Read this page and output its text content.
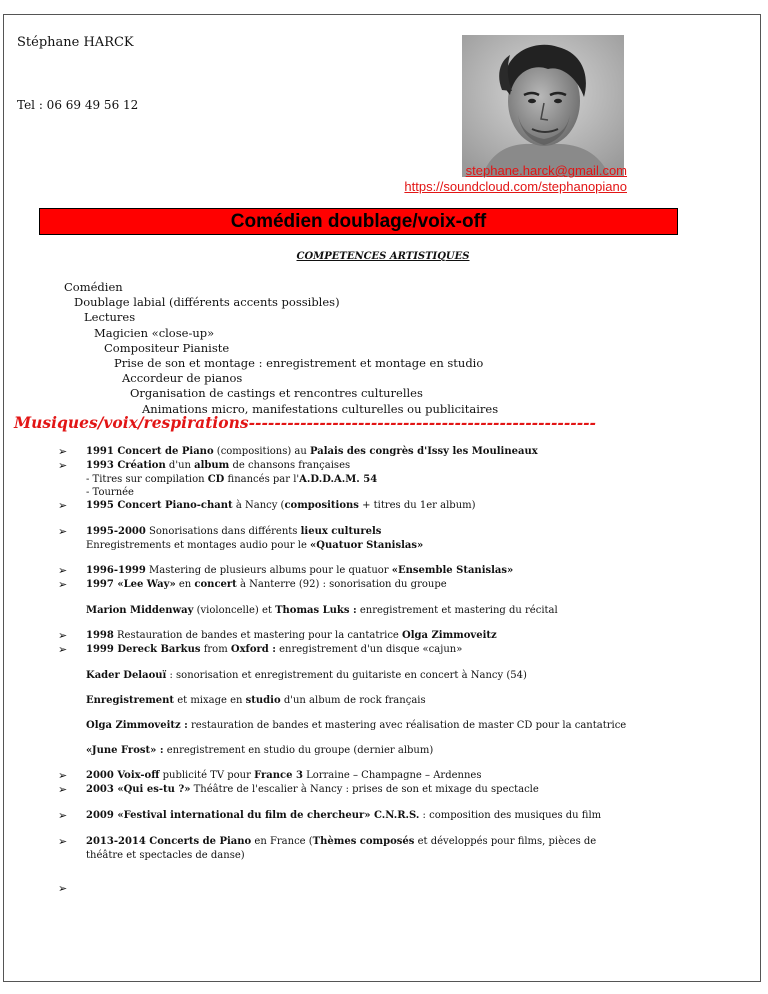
Stéphane HARCK
Tel : 06 69 49 56 12
stephane.harck@gmail.com
https://soundcloud.com/stephanopiano
Comédien doublage/voix-off
COMPETENCES ARTISTIQUES
Comédien
Doublage labial (différents accents possibles)
Lectures
Magicien «close-up»
Compositeur Pianiste
Prise de son et montage : enregistrement et montage en studio
Accordeur de pianos
Organisation de castings et rencontres culturelles
Animations micro, manifestations culturelles ou publicitaires
Musiques/voix/respirations------------------------------------------------------
➢ 1991 Concert de Piano (compositions) au Palais des congrès d'Issy les Moulineaux
➢ 1993 Création d'un album de chansons françaises
- Titres sur compilation CD financés par l'A.D.D.A.M. 54
- Tournée
➢ 1995 Concert Piano-chant à Nancy (compositions + titres du 1er album)
➢ 1995-2000 Sonorisations dans différents lieux culturels
Enregistrements et montages audio pour le «Quatuor Stanislas»
➢ 1996-1999 Mastering de plusieurs albums pour le quatuor «Ensemble Stanislas»
➢ 1997 «Lee Way» en concert à Nanterre (92) : sonorisation du groupe
Marion Middenway (violoncelle) et Thomas Luks : enregistrement et mastering du récital
➢ 1998 Restauration de bandes et mastering pour la cantatrice Olga Zimmoveitz
➢ 1999 Dereck Barkus from Oxford : enregistrement d'un disque «cajun»
Kader Delaouï : sonorisation et enregistrement du guitariste en concert à Nancy (54)
Enregistrement et mixage en studio d'un album de rock français
Olga Zimmoveitz : restauration de bandes et mastering avec réalisation de master CD pour la cantatrice
«June Frost» : enregistrement en studio du groupe (dernier album)
➢ 2000 Voix-off publicité TV pour France 3 Lorraine – Champagne – Ardennes
➢ 2003 «Qui es-tu ?» Théâtre de l'escalier à Nancy : prises de son et mixage du spectacle
➢ 2009 «Festival international du film de chercheur» C.N.R.S. : composition des musiques du film
➢ 2013-2014 Concerts de Piano en France (Thèmes composés et développés pour films, pièces de
théâtre et spectacles de danse)
➢
